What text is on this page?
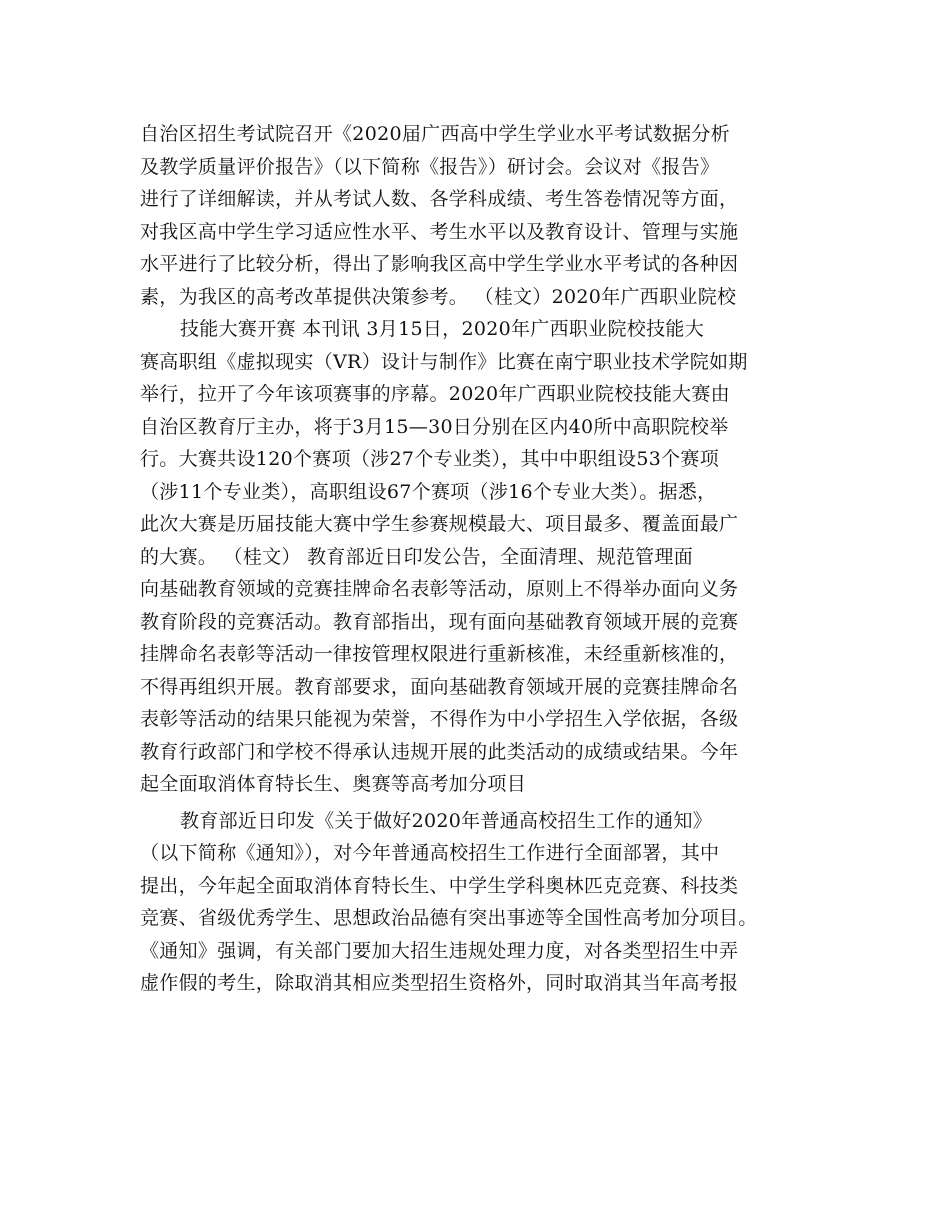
自治区招生考试院召开《2020届广西高中学生学业水平考试数据分析
及教学质量评价报告》（以下简称《报告》）研讨会。会议对《报告》
进行了详细解读，并从考试人数、各学科成绩、考生答卷情况等方面，
对我区高中学生学习适应性水平、考生水平以及教育设计、管理与实施
水平进行了比较分析，得出了影响我区高中学生学业水平考试的各种因
素，为我区的高考改革提供决策参考。 （桂文）2020年广西职业院校
技能大赛开赛 本刊讯 3月15日，2020年广西职业院校技能大
赛高职组《虚拟现实（VR）设计与制作》比赛在南宁职业技术学院如期
举行，拉开了今年该项赛事的序幕。2020年广西职业院校技能大赛由
自治区教育厅主办，将于3月15—30日分别在区内40所中高职院校举
行。大赛共设120个赛项（涉27个专业类），其中中职组设53个赛项
（涉11个专业类），高职组设67个赛项（涉16个专业大类）。据悉，
此次大赛是历届技能大赛中学生参赛规模最大、项目最多、覆盖面最广
的大赛。 （桂文） 教育部近日印发公告，全面清理、规范管理面
向基础教育领域的竞赛挂牌命名表彰等活动，原则上不得举办面向义务
教育阶段的竞赛活动。教育部指出，现有面向基础教育领域开展的竞赛
挂牌命名表彰等活动一律按管理权限进行重新核准，未经重新核准的，
不得再组织开展。教育部要求，面向基础教育领域开展的竞赛挂牌命名
表彰等活动的结果只能视为荣誉，不得作为中小学招生入学依据，各级
教育行政部门和学校不得承认违规开展的此类活动的成绩或结果。今年
起全面取消体育特长生、奥赛等高考加分项目
教育部近日印发《关于做好2020年普通高校招生工作的通知》
（以下简称《通知》），对今年普通高校招生工作进行全面部署，其中
提出，今年起全面取消体育特长生、中学生学科奥林匹克竞赛、科技类
竞赛、省级优秀学生、思想政治品德有突出事迹等全国性高考加分项目。
《通知》强调，有关部门要加大招生违规处理力度，对各类型招生中弄
虚作假的考生，除取消其相应类型招生资格外，同时取消其当年高考报
